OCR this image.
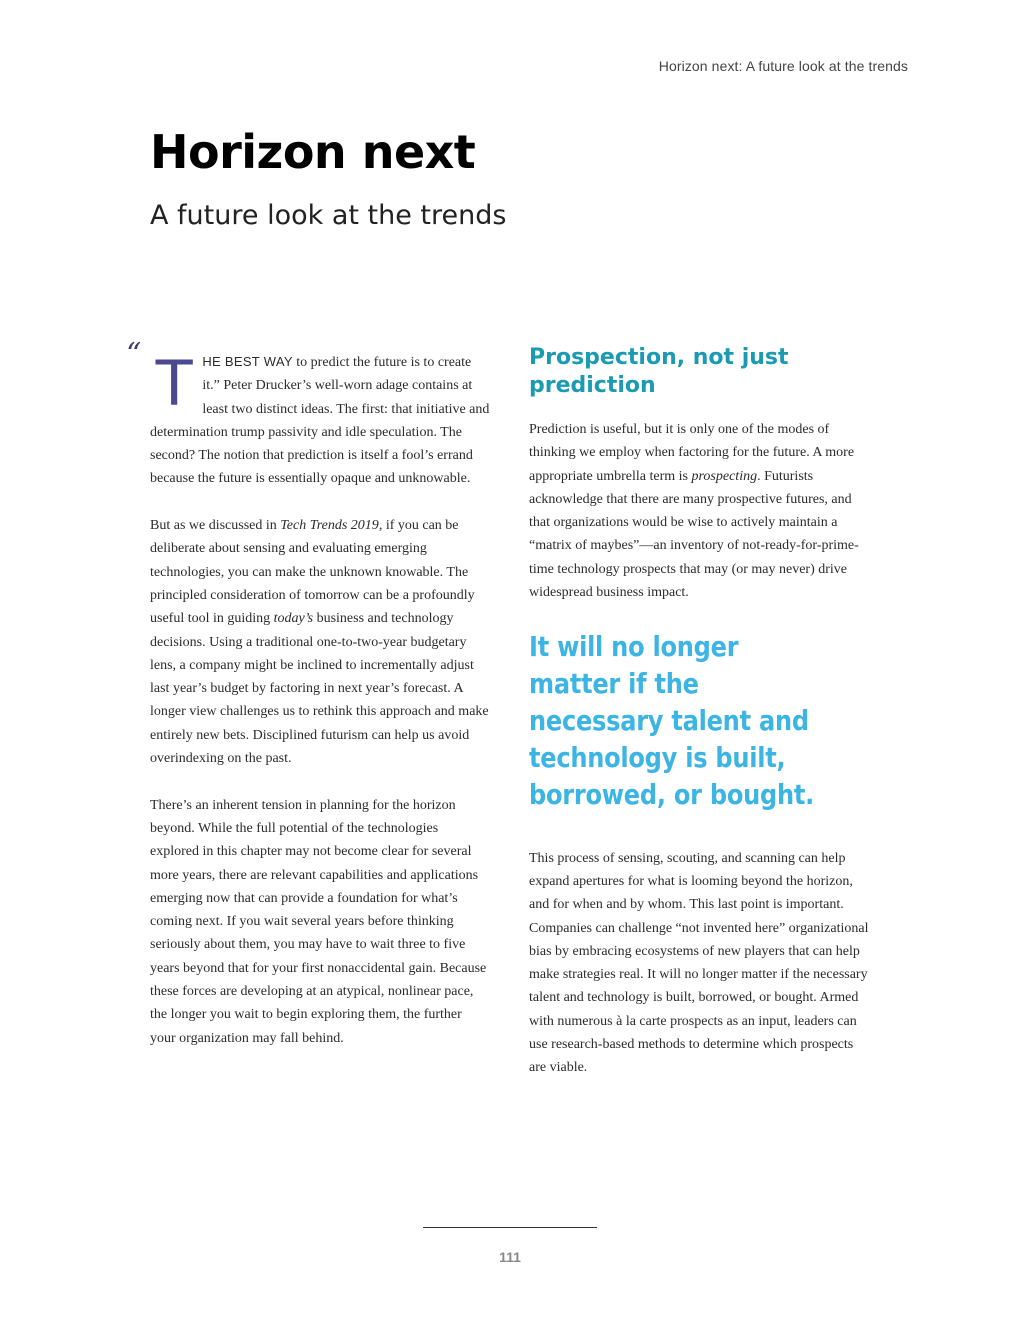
Horizon next: A future look at the trends
Horizon next
A future look at the trends
“ THE BEST WAY to predict the future is to create it.” Peter Drucker’s well-worn adage contains at least two distinct ideas. The first: that initiative and determination trump passivity and idle speculation. The second? The notion that prediction is itself a fool’s errand because the future is essentially opaque and unknowable.

But as we discussed in Tech Trends 2019, if you can be deliberate about sensing and evaluating emerging technologies, you can make the unknown knowable. The principled consideration of tomorrow can be a profoundly useful tool in guiding today’s business and technology decisions. Using a traditional one-to-two-year budgetary lens, a company might be inclined to incrementally adjust last year’s budget by factoring in next year’s forecast. A longer view challenges us to rethink this approach and make entirely new bets. Disciplined futurism can help us avoid overindexing on the past.

There’s an inherent tension in planning for the horizon beyond. While the full potential of the technologies explored in this chapter may not become clear for several more years, there are relevant capabilities and applications emerging now that can provide a foundation for what’s coming next. If you wait several years before thinking seriously about them, you may have to wait three to five years beyond that for your first nonaccidental gain. Because these forces are developing at an atypical, nonlinear pace, the longer you wait to begin exploring them, the further your organization may fall behind.

Prospection, not just prediction

Prediction is useful, but it is only one of the modes of thinking we employ when factoring for the future. A more appropriate umbrella term is prospecting. Futurists acknowledge that there are many prospective futures, and that organizations would be wise to actively maintain a “matrix of maybes”—an inventory of not-ready-for-prime-time technology prospects that may (or may never) drive widespread business impact.

It will no longer matter if the necessary talent and technology is built, borrowed, or bought.

This process of sensing, scouting, and scanning can help expand apertures for what is looming beyond the horizon, and for when and by whom. This last point is important. Companies can challenge “not invented here” organizational bias by embracing ecosystems of new players that can help make strategies real. It will no longer matter if the necessary talent and technology is built, borrowed, or bought. Armed with numerous à la carte prospects as an input, leaders can use research-based methods to determine which prospects are viable.

111
